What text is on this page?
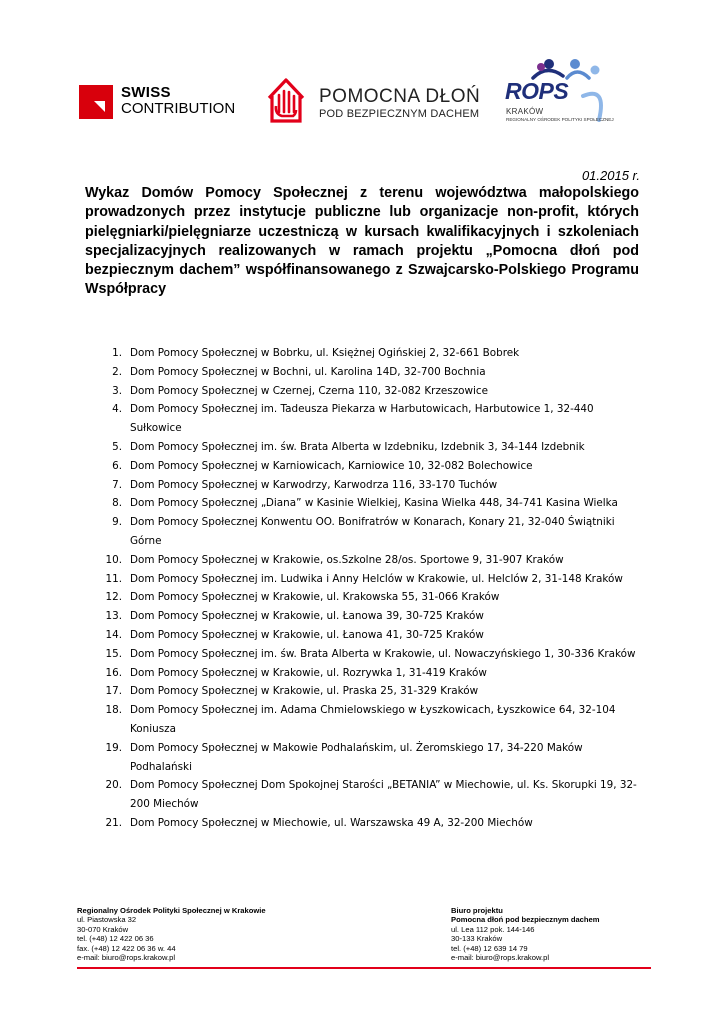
SWISS
CONTRIBUTION
POMOCNA DŁOŃ
POD BEZPIECZNYM DACHEM
ROPS
KRAKÓW
REGIONALNY OŚRODEK POLITYKI SPOŁECZNEJ
01.2015 r.

Wykaz Domów Pomocy Społecznej z terenu województwa małopolskiego prowadzonych przez instytucje publiczne lub organizacje non-profit, których pielęgniarki/pielęgniarze uczestniczą w kursach kwalifikacyjnych i szkoleniach specjalizacyjnych realizowanych w ramach projektu „Pomocna dłoń pod bezpiecznym dachem” współfinansowanego z Szwajcarsko-Polskiego Programu Współpracy

1. Dom Pomocy Społecznej w Bobrku, ul. Księżnej Ogińskiej 2, 32-661 Bobrek
2. Dom Pomocy Społecznej w Bochni, ul. Karolina 14D, 32-700 Bochnia
3. Dom Pomocy Społecznej w Czernej, Czerna 110, 32-082 Krzeszowice
4. Dom Pomocy Społecznej im. Tadeusza Piekarza w Harbutowicach, Harbutowice 1, 32-440 Sułkowice
5. Dom Pomocy Społecznej im. św. Brata Alberta w Izdebniku, Izdebnik 3, 34-144 Izdebnik
6. Dom Pomocy Społecznej w Karniowicach, Karniowice 10, 32-082 Bolechowice
7. Dom Pomocy Społecznej w Karwodrzy, Karwodrza 116, 33-170 Tuchów
8. Dom Pomocy Społecznej „Diana” w Kasinie Wielkiej, Kasina Wielka 448, 34-741 Kasina Wielka
9. Dom Pomocy Społecznej Konwentu OO. Bonifratrów w Konarach, Konary 21, 32-040 Świątniki Górne
10. Dom Pomocy Społecznej w Krakowie, os.Szkolne 28/os. Sportowe 9, 31-907 Kraków
11. Dom Pomocy Społecznej im. Ludwika i Anny Helclów w Krakowie, ul. Helclów 2, 31-148 Kraków
12. Dom Pomocy Społecznej w Krakowie, ul. Krakowska 55, 31-066 Kraków
13. Dom Pomocy Społecznej w Krakowie, ul. Łanowa 39, 30-725 Kraków
14. Dom Pomocy Społecznej w Krakowie, ul. Łanowa 41, 30-725 Kraków
15. Dom Pomocy Społecznej im. św. Brata Alberta w Krakowie, ul. Nowaczyńskiego 1, 30-336 Kraków
16. Dom Pomocy Społecznej w Krakowie, ul. Rozrywka 1, 31-419 Kraków
17. Dom Pomocy Społecznej w Krakowie, ul. Praska 25, 31-329 Kraków
18. Dom Pomocy Społecznej im. Adama Chmielowskiego w Łyszkowicach, Łyszkowice 64, 32-104 Koniusza
19. Dom Pomocy Społecznej w Makowie Podhalańskim, ul. Żeromskiego 17, 34-220 Maków Podhalański
20. Dom Pomocy Społecznej Dom Spokojnej Starości „BETANIA” w Miechowie, ul. Ks. Skorupki 19, 32-200 Miechów
21. Dom Pomocy Społecznej w Miechowie, ul. Warszawska 49 A, 32-200 Miechów
Regionalny Ośrodek Polityki Społecznej w Krakowie
ul. Piastowska 32
30-070 Kraków
tel. (+48) 12 422 06 36
fax. (+48) 12 422 06 36 w. 44
e-mail: biuro@rops.krakow.pl
Biuro projektu
Pomocna dłoń pod bezpiecznym dachem
ul. Lea 112 pok. 144-146
30-133 Kraków
tel. (+48) 12 639 14 79
e-mail: biuro@rops.krakow.pl
